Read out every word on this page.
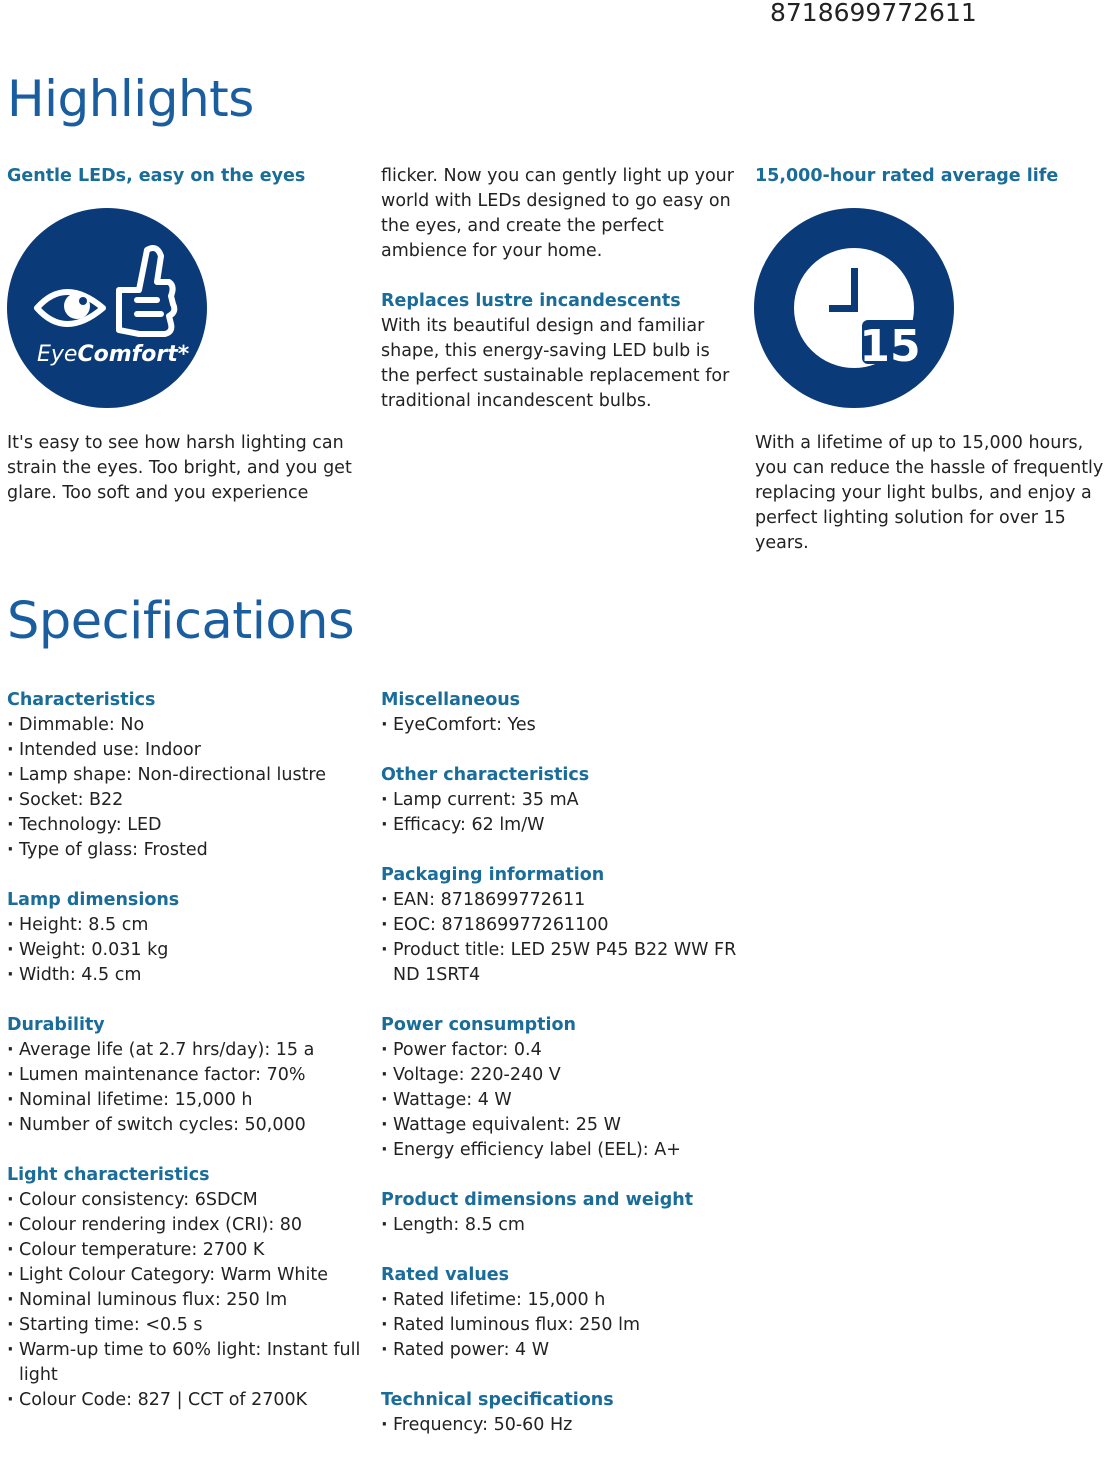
8718699772611
Highlights
Gentle LEDs, easy on the eyes
EyeComfort*

It's easy to see how harsh lighting can strain the eyes. Too bright, and you get glare. Too soft and you experience

flicker. Now you can gently light up your world with LEDs designed to go easy on the eyes, and create the perfect ambience for your home.

Replaces lustre incandescents

With its beautiful design and familiar shape, this energy-saving LED bulb is the perfect sustainable replacement for traditional incandescent bulbs.

15,000-hour rated average life
15

With a lifetime of up to 15,000 hours, you can reduce the hassle of frequently replacing your light bulbs, and enjoy a perfect lighting solution for over 15 years.

Specifications
Characteristics
· Dimmable: No
· Intended use: Indoor
· Lamp shape: Non-directional lustre
· Socket: B22
· Technology: LED
· Type of glass: Frosted
Lamp dimensions
· Height: 8.5 cm
· Weight: 0.031 kg
· Width: 4.5 cm
Durability
· Average life (at 2.7 hrs/day): 15 a
· Lumen maintenance factor: 70%
· Nominal lifetime: 15,000 h
· Number of switch cycles: 50,000
Light characteristics
· Colour consistency: 6SDCM
· Colour rendering index (CRI): 80
· Colour temperature: 2700 K
· Light Colour Category: Warm White
· Nominal luminous flux: 250 lm
· Starting time: <0.5 s
· Warm-up time to 60% light: Instant full light
· Colour Code: 827 | CCT of 2700K
Miscellaneous
· EyeComfort: Yes
Other characteristics
· Lamp current: 35 mA
· Efficacy: 62 lm/W
Packaging information
· EAN: 8718699772611
· EOC: 871869977261100
· Product title: LED 25W P45 B22 WW FR ND 1SRT4
Power consumption
· Power factor: 0.4
· Voltage: 220-240 V
· Wattage: 4 W
· Wattage equivalent: 25 W
· Energy efficiency label (EEL): A+
Product dimensions and weight
· Length: 8.5 cm
Rated values
· Rated lifetime: 15,000 h
· Rated luminous flux: 250 lm
· Rated power: 4 W
Technical specifications
· Frequency: 50-60 Hz
